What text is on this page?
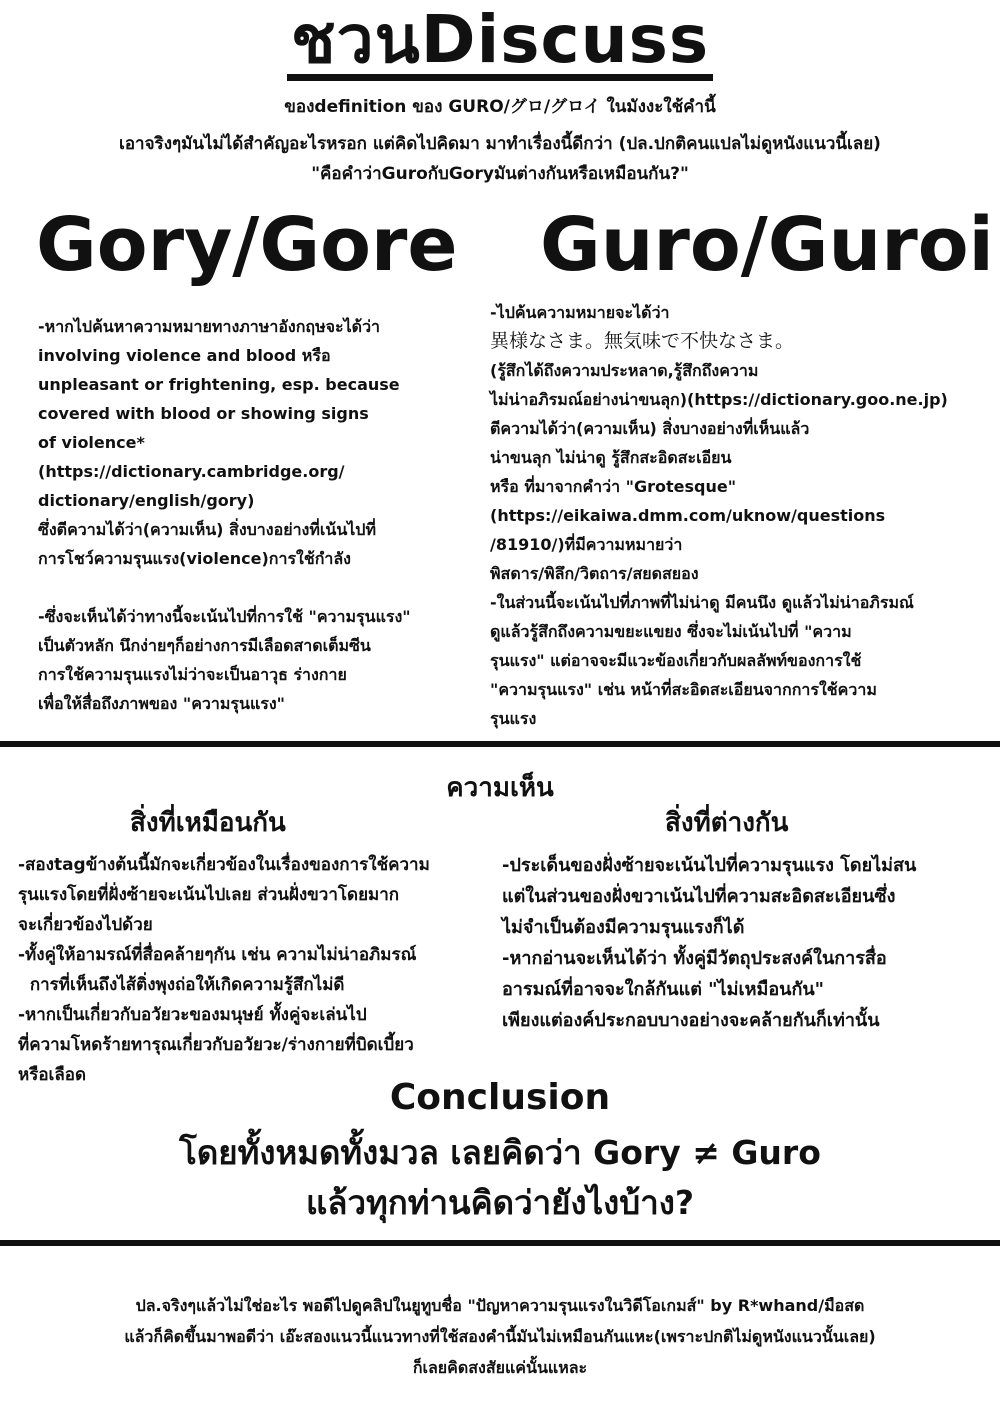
ชวนDiscuss
ของdefinition ของ GURO/グロ/グロイ ในมังงะใช้คำนี้
เอาจริงๆมันไม่ได้สำคัญอะไรหรอก แต่คิดไปคิดมา มาทำเรื่องนี้ดีกว่า (ปล.ปกติคนแปลไม่ดูหนังแนวนี้เลย)
"คือคำว่าGuroกับGoryมันต่างกันหรือเหมือนกัน?"
Gory/Gore Guro/Guroi

-หากไปค้นหาความหมายทางภาษาอังกฤษจะได้ว่า

involving violence and blood หรือ

unpleasant or frightening, esp. because

covered with blood or showing signs

of violence*

(https://dictionary.cambridge.org/

dictionary/english/gory)

ซึ่งตีความได้ว่า(ความเห็น) สิ่งบางอย่างที่เน้นไปที่

การโชว์ความรุนแรง(violence)การใช้กำลัง

-ซึ่งจะเห็นได้ว่าทางนี้จะเน้นไปที่การใช้ "ความรุนแรง"

เป็นตัวหลัก นึกง่ายๆก็อย่างการมีเลือดสาดเต็มซีน

การใช้ความรุนแรงไม่ว่าจะเป็นอาวุธ ร่างกาย

เพื่อให้สื่อถึงภาพของ "ความรุนแรง"

-ไปค้นความหมายจะได้ว่า

異様なさま。無気味で不快なさま。

(รู้สึกได้ถึงความประหลาด,รู้สึกถึงความ

ไม่น่าอภิรมณ์อย่างน่าขนลุก)(https://dictionary.goo.ne.jp)

ตีความได้ว่า(ความเห็น) สิ่งบางอย่างที่เห็นแล้ว

น่าขนลุก ไม่น่าดู รู้สึกสะอิดสะเอียน

หรือ ที่มาจากคำว่า "Grotesque"

(https://eikaiwa.dmm.com/uknow/questions

/81910/)ที่มีความหมายว่า

พิสดาร/พิลึก/วิตถาร/สยดสยอง

-ในส่วนนี้จะเน้นไปที่ภาพที่ไม่น่าดู มีคนนึง ดูแล้วไม่น่าอภิรมณ์

ดูแล้วรู้สึกถึงความขยะแขยง ซึ่งจะไม่เน้นไปที่ "ความ

รุนแรง" แต่อาจจะมีแวะข้องเกี่ยวกับผลลัพท์ของการใช้

"ความรุนแรง" เช่น หน้าที่สะอิดสะเอียนจากการใช้ความ

รุนแรง

ความเห็น
สิ่งที่เหมือนกัน	สิ่งที่ต่างกัน

-สองtagข้างต้นนี้มักจะเกี่ยวข้องในเรื่องของการใช้ความ

รุนแรงโดยที่ฝั่งซ้ายจะเน้นไปเลย ส่วนฝั่งขวาโดยมาก

จะเกี่ยวข้องไปด้วย

-ทั้งคู่ให้อามรณ์ที่สื่อคล้ายๆกัน เช่น ความไม่น่าอภิมรณ์

การที่เห็นถึงไส้ติ่งพุงถ่อให้เกิดความรู้สึกไม่ดี

-หากเป็นเกี่ยวกับอวัยวะของมนุษย์ ทั้งคู่จะเล่นไป

ที่ความโหดร้ายทารุณเกี่ยวกับอวัยวะ/ร่างกายที่บิดเบี้ยว

หรือเลือด

-ประเด็นของฝั่งซ้ายจะเน้นไปที่ความรุนแรง โดยไม่สน

แต่ในส่วนของฝั่งขวาเน้นไปที่ความสะอิดสะเอียนซึ่ง

ไม่จำเป็นต้องมีความรุนแรงก็ได้

-หากอ่านจะเห็นได้ว่า ทั้งคู่มีวัตถุประสงค์ในการสื่อ

อารมณ์ที่อาจจะใกล้กันแต่ "ไม่เหมือนกัน"

เพียงแต่องค์ประกอบบางอย่างจะคล้ายกันก็เท่านั้น

Conclusion
โดยทั้งหมดทั้งมวล เลยคิดว่า Gory ≠ Guro
แล้วทุกท่านคิดว่ายังไงบ้าง?

ปล.จริงๆแล้วไม่ใช่อะไร พอดีไปดูคลิปในยูทูบชื่อ "ปัญหาความรุนแรงในวิดีโอเกมส์" by R*whand/มือสด

แล้วก็คิดขึ้นมาพอดีว่า เอ๊ะสองแนวนี้แนวทางที่ใช้สองคำนี้มันไม่เหมือนกันแหะ(เพราะปกติไม่ดูหนังแนวนั้นเลย)

ก็เลยคิดสงสัยแค่นั้นแหละ
